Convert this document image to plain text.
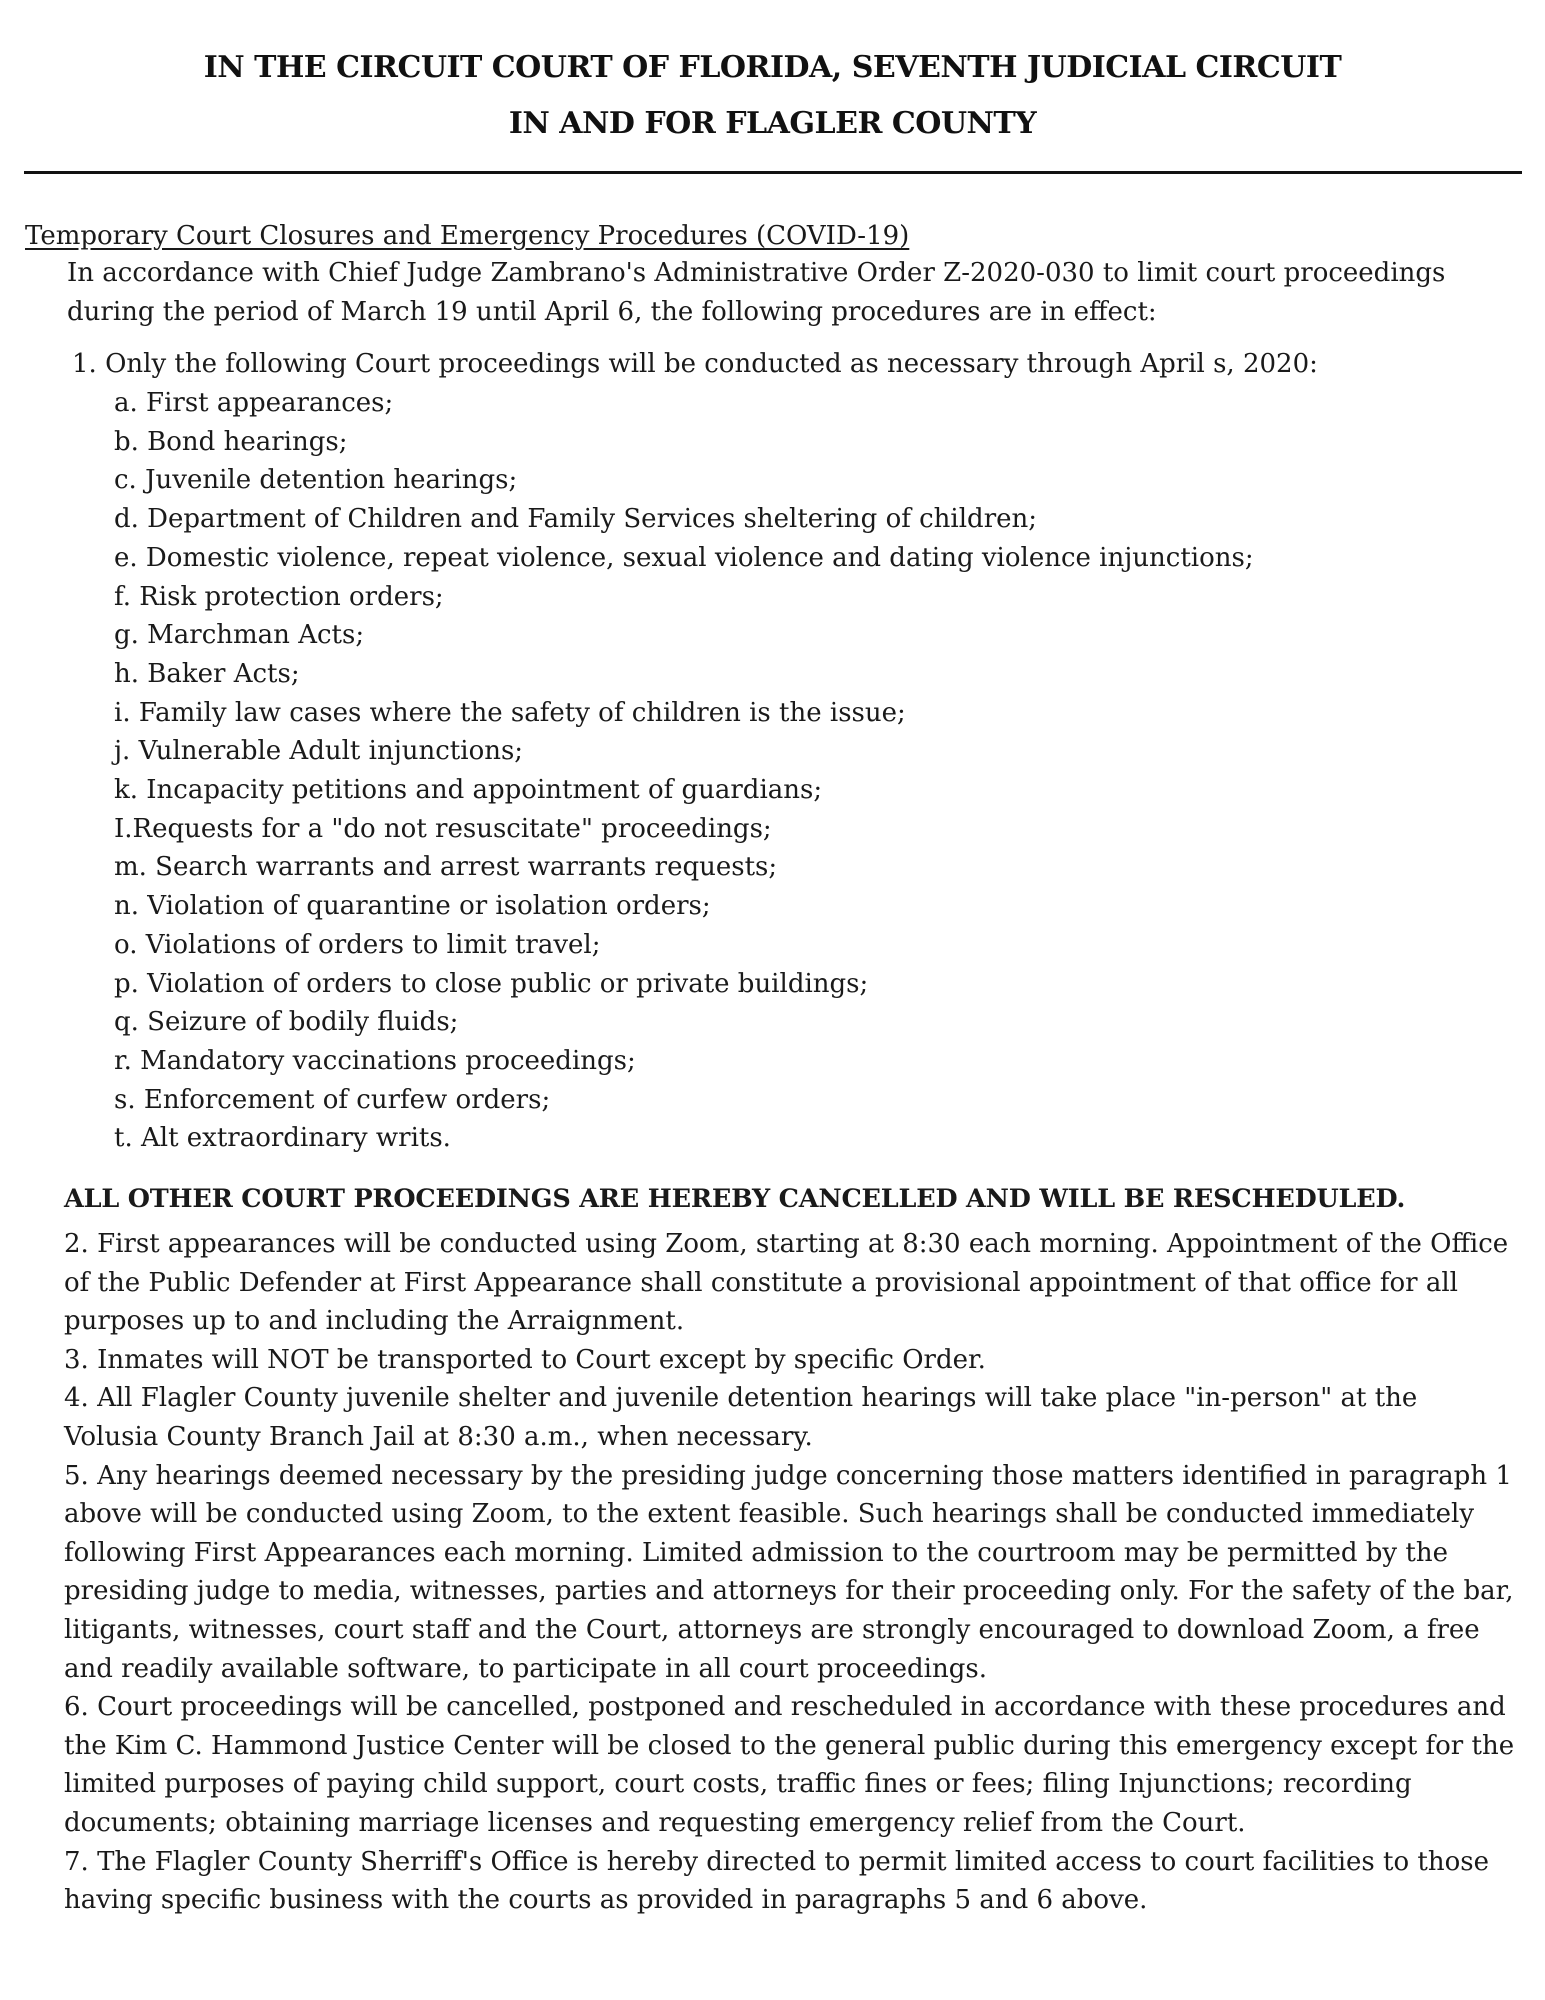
IN THE CIRCUIT COURT OF FLORIDA, SEVENTH JUDICIAL CIRCUIT
IN AND FOR FLAGLER COUNTY
Temporary Court Closures and Emergency Procedures (COVID-19)
In accordance with Chief Judge Zambrano's Administrative Order Z-2020-030 to limit court proceedings
during the period of March 19 until April 6, the following procedures are in effect:
1. Only the following Court proceedings will be conducted as necessary through April s, 2020:
a. First appearances;
b. Bond hearings;
c. Juvenile detention hearings;
d. Department of Children and Family Services sheltering of children;
e. Domestic violence, repeat violence, sexual violence and dating violence injunctions;
f. Risk protection orders;
g. Marchman Acts;
h. Baker Acts;
i. Family law cases where the safety of children is the issue;
j. Vulnerable Adult injunctions;
k. Incapacity petitions and appointment of guardians;
I.Requests for a "do not resuscitate" proceedings;
m. Search warrants and arrest warrants requests;
n. Violation of quarantine or isolation orders;
o. Violations of orders to limit travel;
p. Violation of orders to close public or private buildings;
q. Seizure of bodily fluids;
r. Mandatory vaccinations proceedings;
s. Enforcement of curfew orders;
t. Alt extraordinary writs.
ALL OTHER COURT PROCEEDINGS ARE HEREBY CANCELLED AND WILL BE RESCHEDULED.
2. First appearances will be conducted using Zoom, starting at 8:30 each morning. Appointment of the Office
of the Public Defender at First Appearance shall constitute a provisional appointment of that office for all
purposes up to and including the Arraignment.
3. Inmates will NOT be transported to Court except by specific Order.
4. All Flagler County juvenile shelter and juvenile detention hearings will take place "in-person" at the
Volusia County Branch Jail at 8:30 a.m., when necessary.
5. Any hearings deemed necessary by the presiding judge concerning those matters identified in paragraph 1
above will be conducted using Zoom, to the extent feasible. Such hearings shall be conducted immediately
following First Appearances each morning. Limited admission to the courtroom may be permitted by the
presiding judge to media, witnesses, parties and attorneys for their proceeding only. For the safety of the bar,
litigants, witnesses, court staff and the Court, attorneys are strongly encouraged to download Zoom, a free
and readily available software, to participate in all court proceedings.
6. Court proceedings will be cancelled, postponed and rescheduled in accordance with these procedures and
the Kim C. Hammond Justice Center will be closed to the general public during this emergency except for the
limited purposes of paying child support, court costs, traffic fines or fees; filing Injunctions; recording
documents; obtaining marriage licenses and requesting emergency relief from the Court.
7. The Flagler County Sherriff's Office is hereby directed to permit limited access to court facilities to those
having specific business with the courts as provided in paragraphs 5 and 6 above.
